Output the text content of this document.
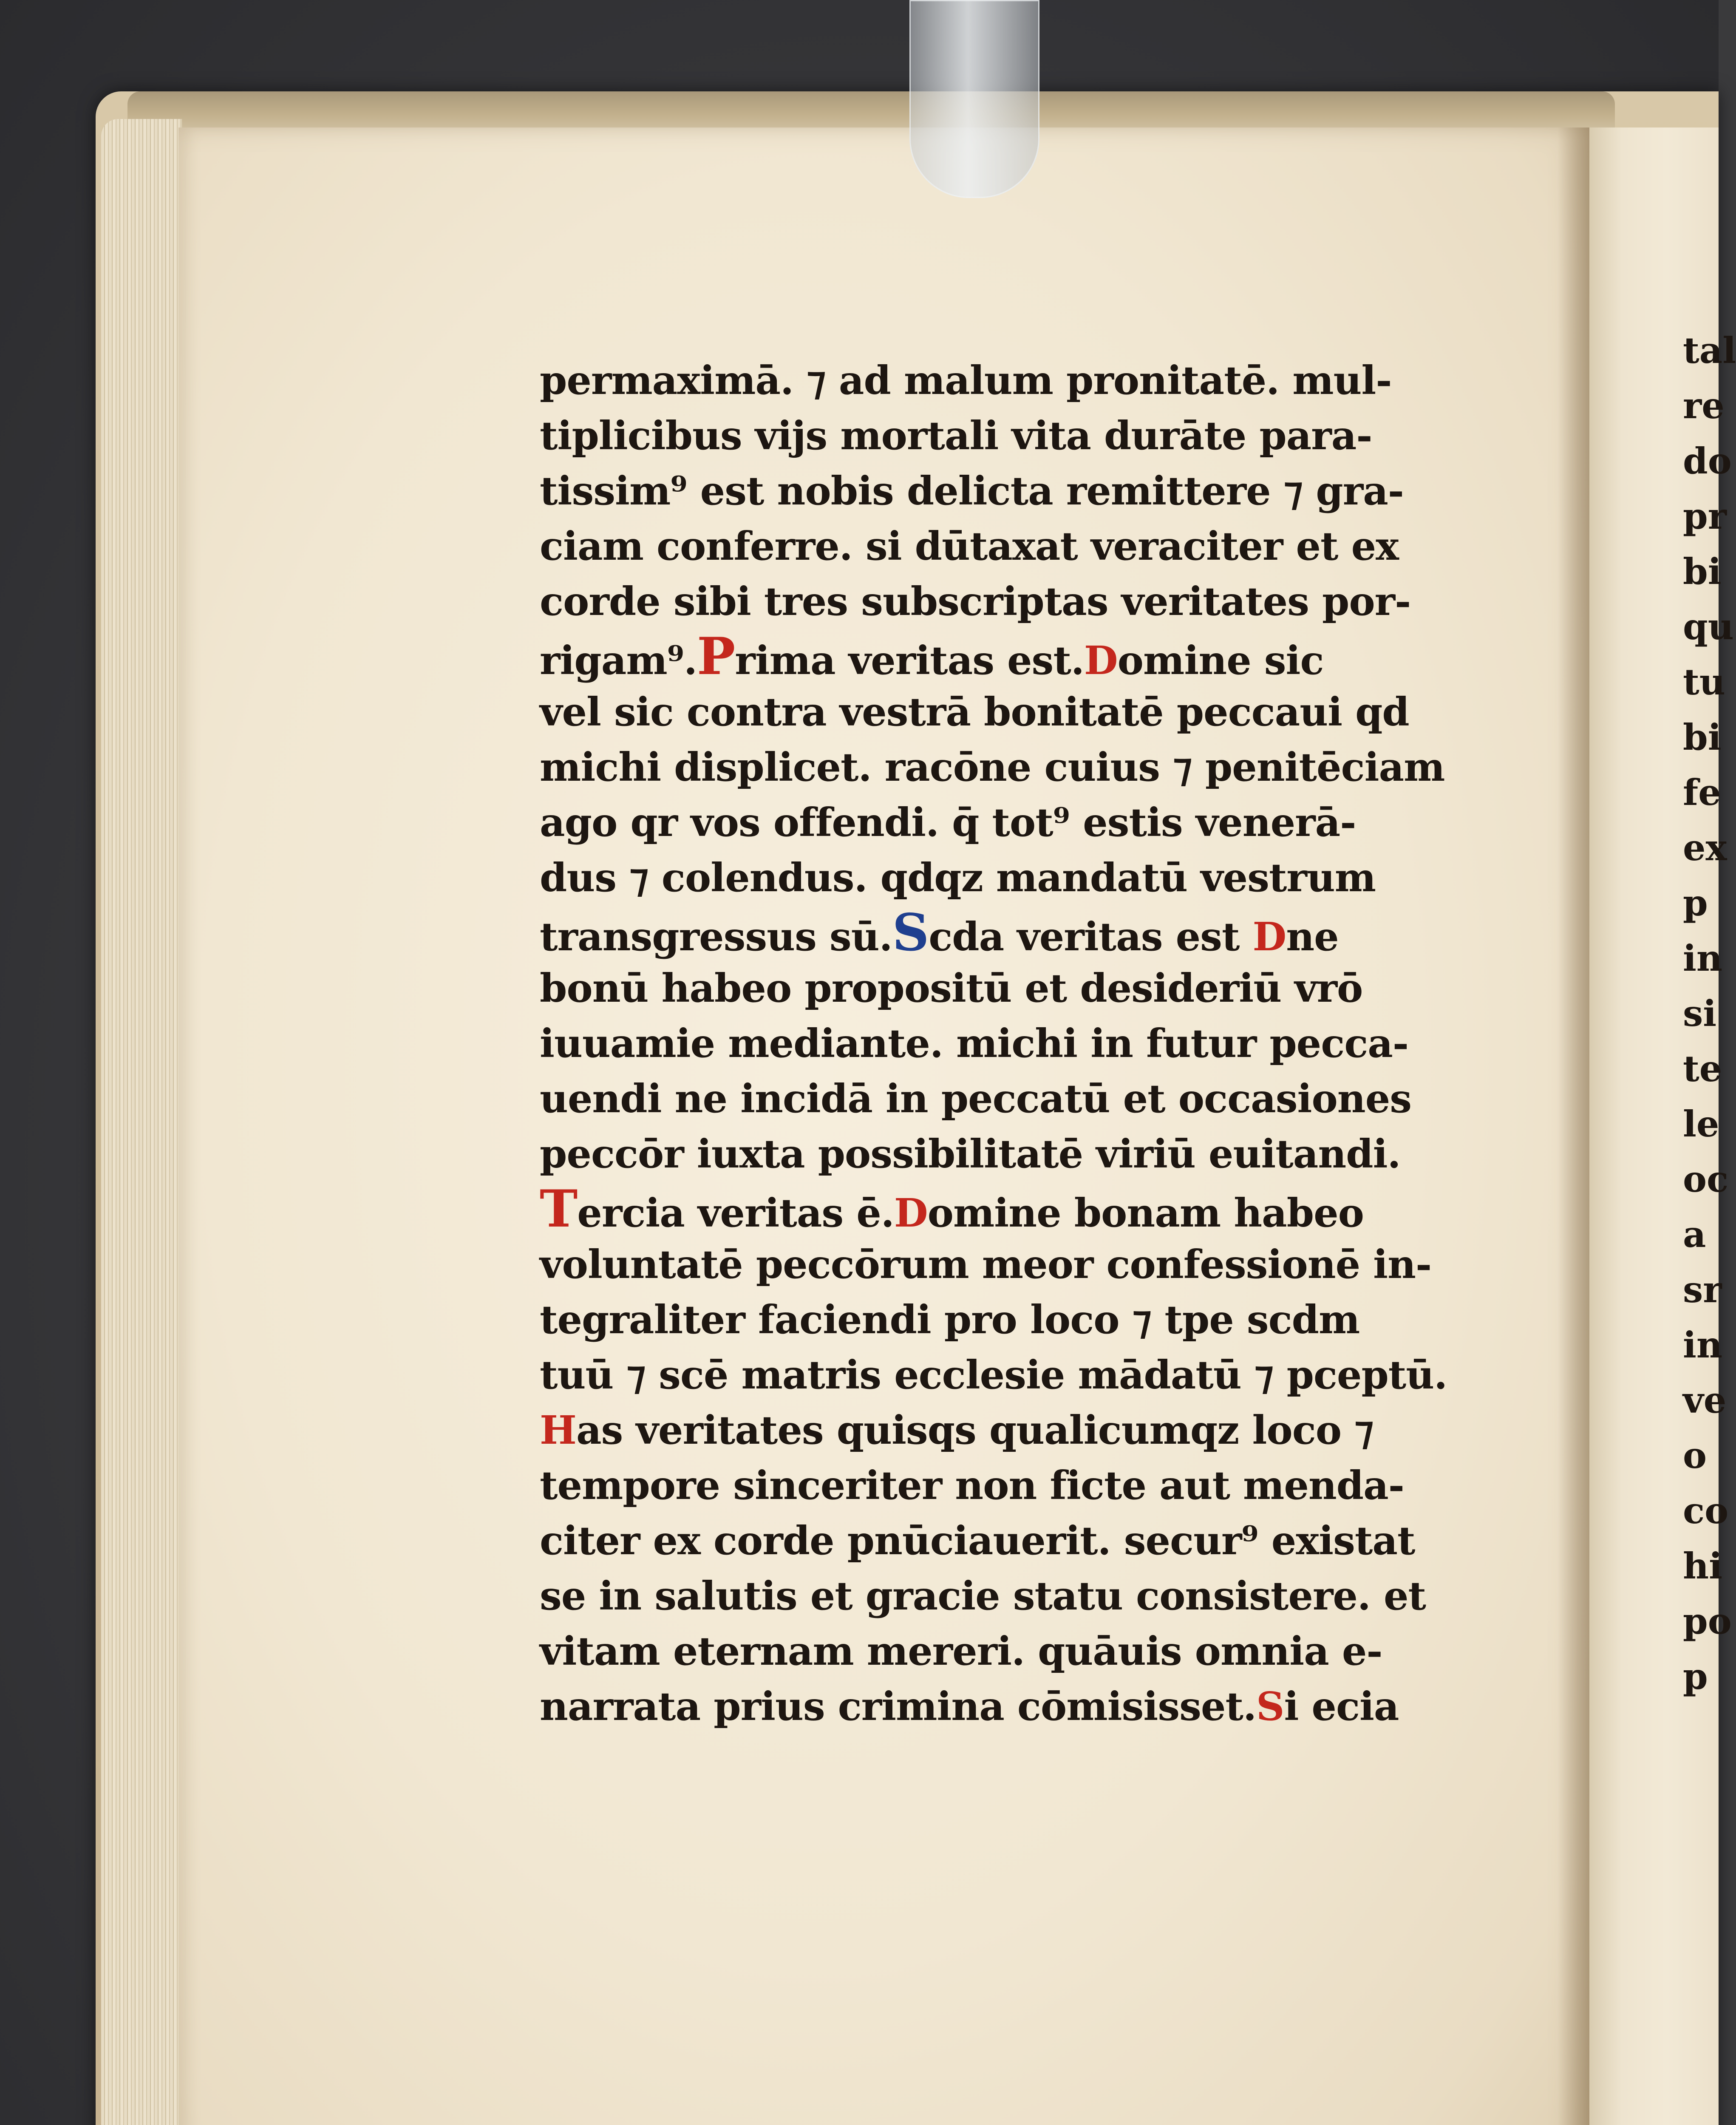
permaximā. ⁊ ad malum pronitatē. mul-
tiplicibus vijs mortali vita durāte para-
tissim⁹ est nobis delicta remittere ⁊ gra-
ciam conferre. si dūtaxat veraciter et ex
corde sibi tres subscriptas veritates por-
rigam⁹.Prima veritas est.Domine sic
vel sic contra vestrā bonitatē peccaui qd
michi displicet. racōne cuius ⁊ penitēciam
ago qr vos offendi. q̄ tot⁹ estis venerā-
dus ⁊ colendus. qdqz mandatū vestrum
transgressus sū.Scda veritas est Dne
bonū habeo propositū et desideriū vrō
iuuamie mediante. michi in futur pecca-
uendi ne incidā in peccatū et occasiones
peccōr iuxta possibilitatē viriū euitandi.
Tercia veritas ē.Domine bonam habeo
voluntatē peccōrum meor confessionē in-
tegraliter faciendi pro loco ⁊ tpe scdm
tuū ⁊ scē matris ecclesie mādatū ⁊ pceptū.
Has veritates quisqs qualicumqz loco ⁊
tempore sinceriter non ficte aut menda-
citer ex corde pnūciauerit. secur⁹ existat
se in salutis et gracie statu consistere. et
vitam eternam mereri. quāuis omnia e-
narrata prius crimina cōmisisset.Si ecia
tal
re
do
pr
bi
qu
tu
bi
fe
ex
p
in
si
te
le
oc
a
sr
in
ve
o
co
hi
po
p
